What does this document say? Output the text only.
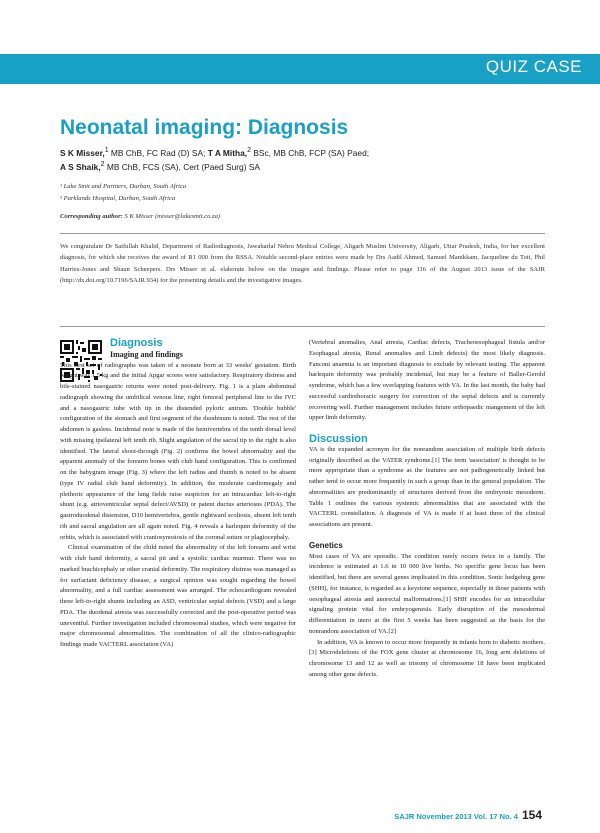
QUIZ CASE
Neonatal imaging: Diagnosis
S K Misser,$^1$ MB ChB, FC Rad (D) SA; T A Mitha,$^2$ BSc, MB ChB, FCP (SA) Paed;
A S Shaik,$^2$ MB ChB, FCS (SA), Cert (Paed Surg) SA
¹ Lake Smit and Partners, Durban, South Africa
² Parklands Hospital, Durban, South Africa
Corresponding author: S K Misser (misser@lakesmit.co.za)
We congratulate Dr Saifullah Khalid, Department of Radiodiagnosis, Jawaharlal Nehru Medical College, Aligarh Muslim University, Aligarh, Uttar Pradesh, India, for her excellent diagnosis, for which she receives the award of R1 000 from the RSSA. Notable second-place entries were made by Drs Aadil Ahmed, Samuel Manikkam, Jacqueline du Toit, Phil Harries-Jones and Shaun Scheepers. Drs Misser et al. elaborate below on the images and findings. Please refer to page 116 of the August 2013 issue of the SAJR (http://dx.doi.org/10.7196/SAJR.934) for the presenting details and the investigative images.

Diagnosis

Imaging and findings

This first set of radiographs was taken of a neonate born at 33 weeks' gestation. Birth weight was 1.5 kg and the initial Apgar scores were satisfactory. Respiratory distress and bile-stained nasogastric returns were noted post-delivery. Fig. 1 is a plain abdominal radiograph showing the umbilical venous line, right femoral peripheral line to the IVC and a nasogastric tube with tip in the distended pyloric antrum. 'Double bubble' configuration of the stomach and first segment of the duodenum is noted. The rest of the abdomen is gasless. Incidental note is made of the hemivertebra of the tenth dorsal level with missing ipsilateral left tenth rib. Slight angulation of the sacral tip to the right is also identified. The lateral shoot-through (Fig. 2) confirms the bowel abnormality and the apparent anomaly of the forearm bones with club hand configuration. This is confirmed on the babygram image (Fig. 3) where the left radius and thumb is noted to be absent (type IV radial club hand deformity). In addition, the moderate cardiomegaly and plethoric appearance of the lung fields raise suspicion for an intracardiac left-to-right shunt (e.g. atrioventricular septal defect/AVSD) or patent ductus arteriosus (PDA). The gastroduodenal distension, D10 hemivertebra, gentle rightward scoliosis, absent left tenth rib and sacral angulation are all again noted. Fig. 4 reveals a harlequin deformity of the orbits, which is associated with craniosynostosis of the coronal suture or plagiocephaly.

Clinical examination of the child noted the abnormality of the left forearm and wrist with club hand deformity, a sacral pit and a systolic cardiac murmur. There was no marked brachicephaly or other cranial deformity. The respiratory distress was managed as for surfactant deficiency disease, a surgical opinion was sought regarding the bowel abnormality, and a full cardiac assessment was arranged. The echocardiogram revealed three left-to-right shunts including an ASD, ventricular septal defects (VSD) and a large PDA. The duodenal atresia was successfully corrected and the post-operative period was uneventful. Further investigation included chromosomal studies, which were negative for major chromosomal abnormalities. The combination of all the clinico-radiographic findings made VACTERL association (VA)

(Vertebral anomalies, Anal atresia, Cardiac defects, Tracheoesophageal fistula and/or Esophageal atresia, Renal anomalies and Limb defects) the most likely diagnosis. Fanconi anaemia is an important diagnosis to exclude by relevant testing. The apparent harlequin deformity was probably incidental, but may be a feature of Baller-Gerold syndrome, which has a few overlapping features with VA. In the last month, the baby had successful cardiothoracic surgery for correction of the septal defects and is currently recovering well. Further management includes future orthopaedic mangement of the left upper limb deformity.

Discussion

VA is the expanded acronym for the nonrandom association of multiple birth defects originally described as the VATER syndrome.[1] The term 'association' is thought to be more appropriate than a syndrome as the features are not pathogenetically linked but rather tend to occur more frequently in such a group than in the general population. The abnormalities are predominantly of structures derived from the embryonic mesoderm. Table 1 outlines the various systemic abnormalities that are associated with the VACTERL constellation. A diagnosis of VA is made if at least three of the clinical associations are present.

Genetics

Most cases of VA are sporadic. The condition rarely occurs twice in a family. The incidence is estimated at 1.6 in 10 000 live births. No specific gene locus has been identified, but there are several genes implicated in this condition. Sonic hedgehog gene (SHH), for instance, is regarded as a keystone sequence, especially in those patients with oesophageal atresia and anorectal malformations.[1] SHH encodes for an intracellular signaling protein vital for embryogenesis. Early disruption of the mesodermal differentiation in utero at the first 5 weeks has been suggested as the basis for the nonrandom association of VA.[2]

In addition, VA is known to occur more frequently in infants born to diabetic mothers.[3] Microdeletions of the FOX gene cluster at chromosome 16, long arm deletions of chromosome 13 and 12 as well as trisomy of chromosome 18 have been implicated among other gene defects.

SAJR November 2013 Vol. 17 No. 4 154
